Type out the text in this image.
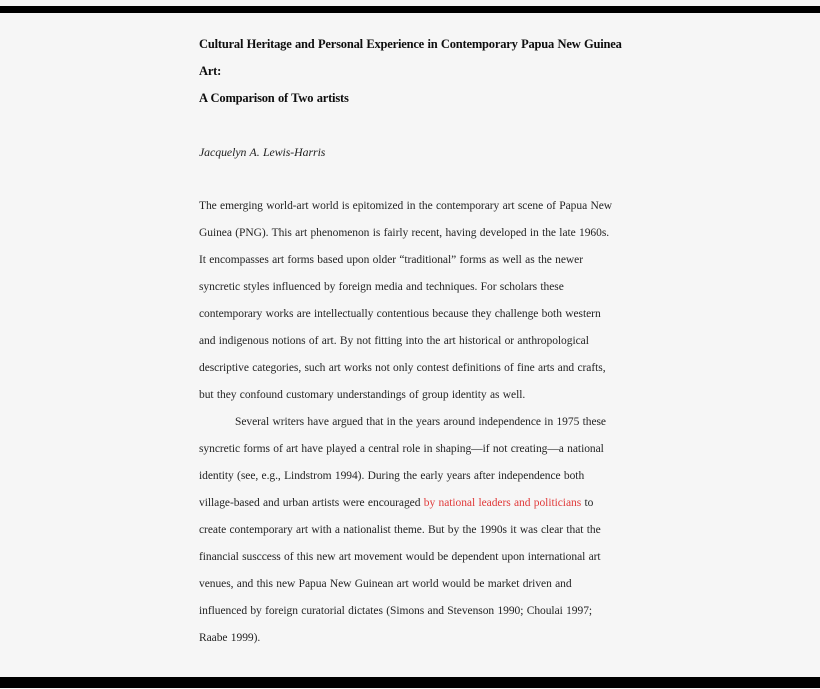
Cultural Heritage and Personal Experience in Contemporary Papua New Guinea
Art:
A Comparison of Two artists
Jacquelyn A. Lewis-Harris
The emerging world-art world is epitomized in the contemporary art scene of Papua New
Guinea (PNG). This art phenomenon is fairly recent, having developed in the late 1960s.
It encompasses art forms based upon older “traditional” forms as well as the newer
syncretic styles influenced by foreign media and techniques. For scholars these
contemporary works are intellectually contentious because they challenge both western
and indigenous notions of art. By not fitting into the art historical or anthropological
descriptive categories, such art works not only contest definitions of fine arts and crafts,
but they confound customary understandings of group identity as well.
Several writers have argued that in the years around independence in 1975 these
syncretic forms of art have played a central role in shaping—if not creating—a national
identity (see, e.g., Lindstrom 1994). During the early years after independence both
village-based and urban artists were encouraged by national leaders and politicians to
create contemporary art with a nationalist theme. But by the 1990s it was clear that the
financial susccess of this new art movement would be dependent upon international art
venues, and this new Papua New Guinean art world would be market driven and
influenced by foreign curatorial dictates (Simons and Stevenson 1990; Choulai 1997;
Raabe 1999).
